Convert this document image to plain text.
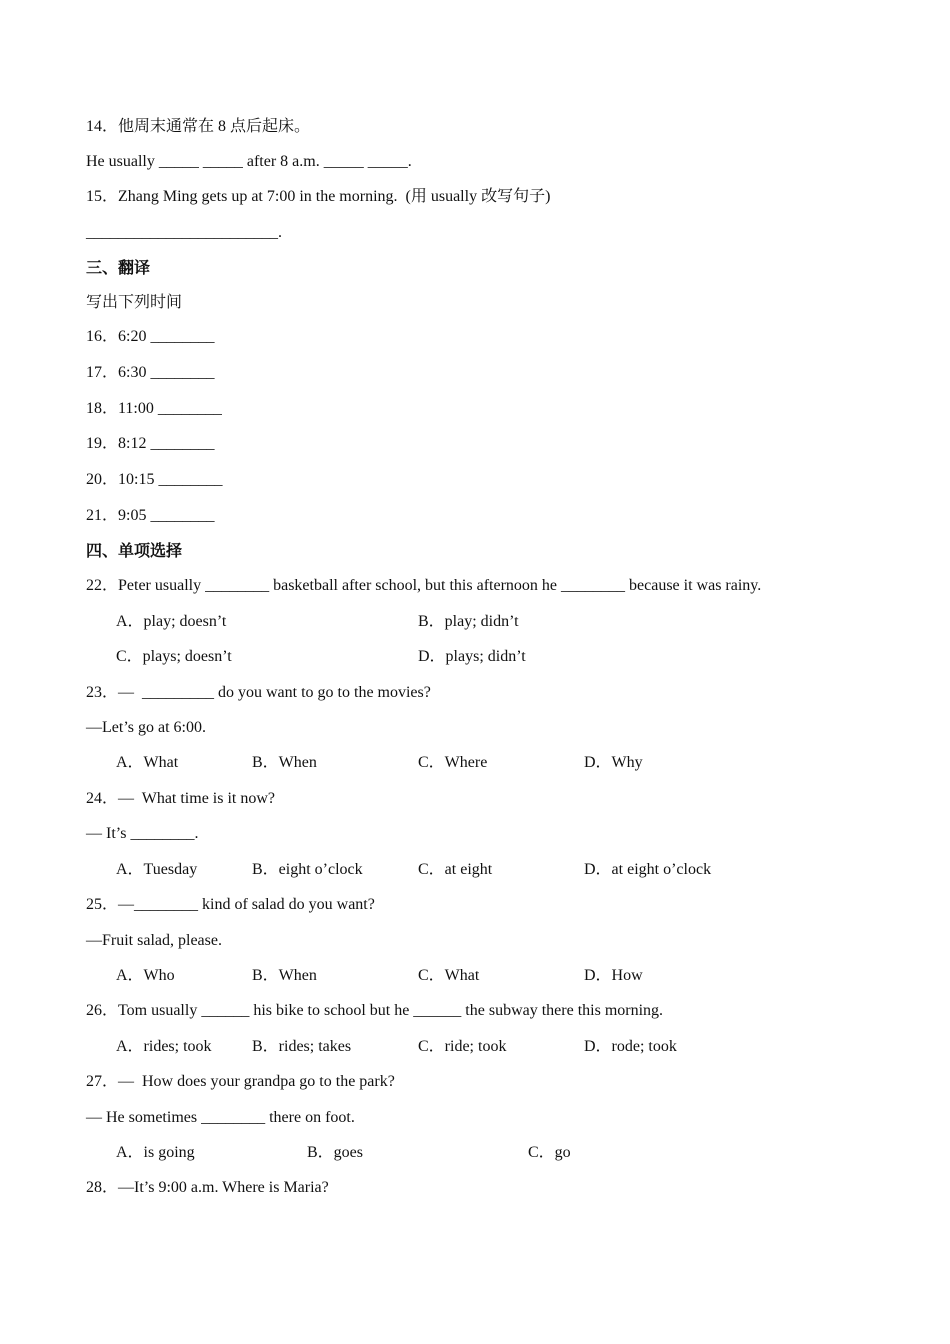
14．他周末通常在 8 点后起床。
He usually _____ _____ after 8 a.m. _____ _____.
15．Zhang Ming gets up at 7:00 in the morning.  (用 usually 改写句子)
________________________.
三、翻译
写出下列时间
16．6:20 ________
17．6:30 ________
18．11:00 ________
19．8:12 ________
20．10:15 ________
21．9:05 ________
四、单项选择
22．Peter usually ________ basketball after school, but this afternoon he ________ because it was rainy.
A．play; doesn’t	B．play; didn’t
C．plays; doesn’t	D．plays; didn’t
23．—  _________ do you want to go to the movies?
—Let’s go at 6:00.
A．What	B．When	C．Where	D．Why
24．—  What time is it now?
— It’s ________.
A．Tuesday	B．eight o’clock	C．at eight	D．at eight o’clock
25．—________ kind of salad do you want?
—Fruit salad, please.
A．Who	B．When	C．What	D．How
26．Tom usually ______ his bike to school but he ______ the subway there this morning.
A．rides; took	B．rides; takes	C．ride; took	D．rode; took
27．—  How does your grandpa go to the park?
— He sometimes ________ there on foot.
A．is going	B．goes	C．go
28．—It’s 9:00 a.m. Where is Maria?
